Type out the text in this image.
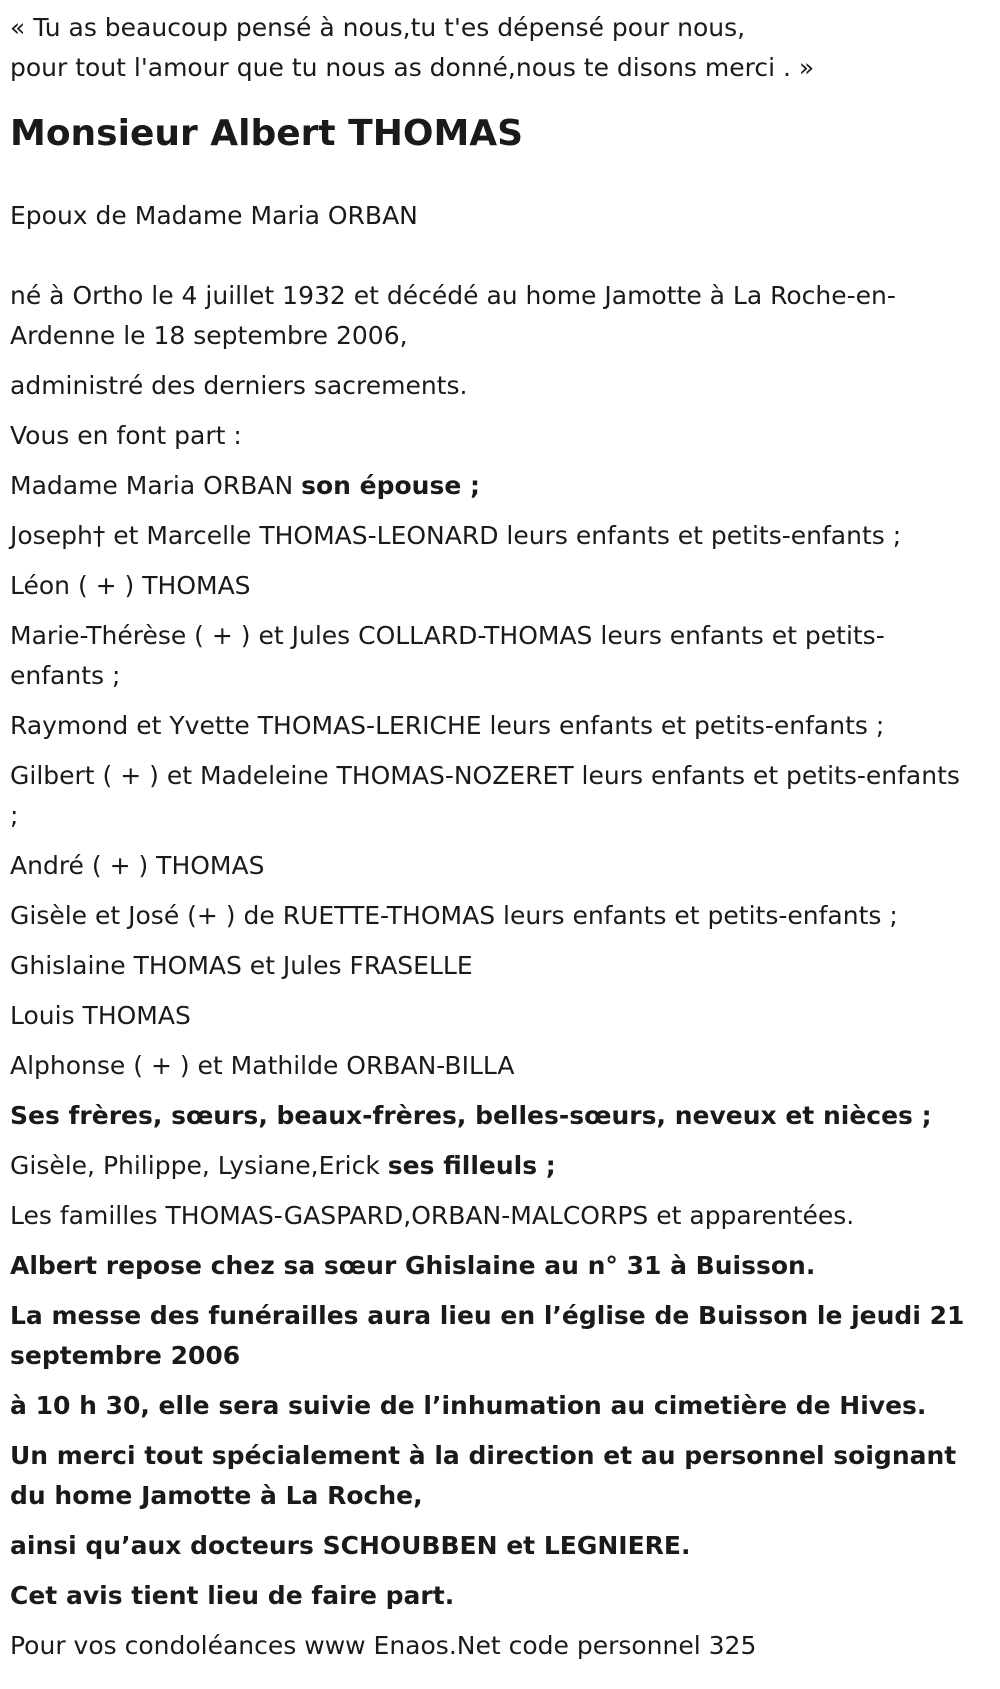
« Tu as beaucoup pensé à nous,tu t'es dépensé pour nous,
pour tout l'amour que tu nous as donné,nous te disons merci . »

Monsieur Albert THOMAS

Epoux de Madame Maria ORBAN

né à Ortho le 4 juillet 1932 et décédé au home Jamotte à La Roche-en-Ardenne le 18 septembre 2006,

administré des derniers sacrements.

Vous en font part :

Madame Maria ORBAN son épouse ;

Joseph† et Marcelle THOMAS-LEONARD leurs enfants et petits-enfants ;

Léon ( + ) THOMAS

Marie-Thérèse ( + ) et Jules COLLARD-THOMAS leurs enfants et petits-enfants ;

Raymond et Yvette THOMAS-LERICHE leurs enfants et petits-enfants ;

Gilbert ( + ) et Madeleine THOMAS-NOZERET leurs enfants et petits-enfants ;

André ( + ) THOMAS

Gisèle et José (+ ) de RUETTE-THOMAS leurs enfants et petits-enfants ;

Ghislaine THOMAS et Jules FRASELLE

Louis THOMAS

Alphonse ( + ) et Mathilde ORBAN-BILLA

Ses frères, sœurs, beaux-frères, belles-sœurs, neveux et nièces ;

Gisèle, Philippe, Lysiane,Erick ses filleuls ;

Les familles THOMAS-GASPARD,ORBAN-MALCORPS et apparentées.

Albert repose chez sa sœur Ghislaine au n° 31 à Buisson.

La messe des funérailles aura lieu en l’église de Buisson le jeudi 21 septembre 2006

à 10 h 30, elle sera suivie de l’inhumation au cimetière de Hives.

Un merci tout spécialement à la direction et au personnel soignant du home Jamotte à La Roche,

ainsi qu’aux docteurs SCHOUBBEN et LEGNIERE.

Cet avis tient lieu de faire part.

Pour vos condoléances www Enaos.Net code personnel 325
